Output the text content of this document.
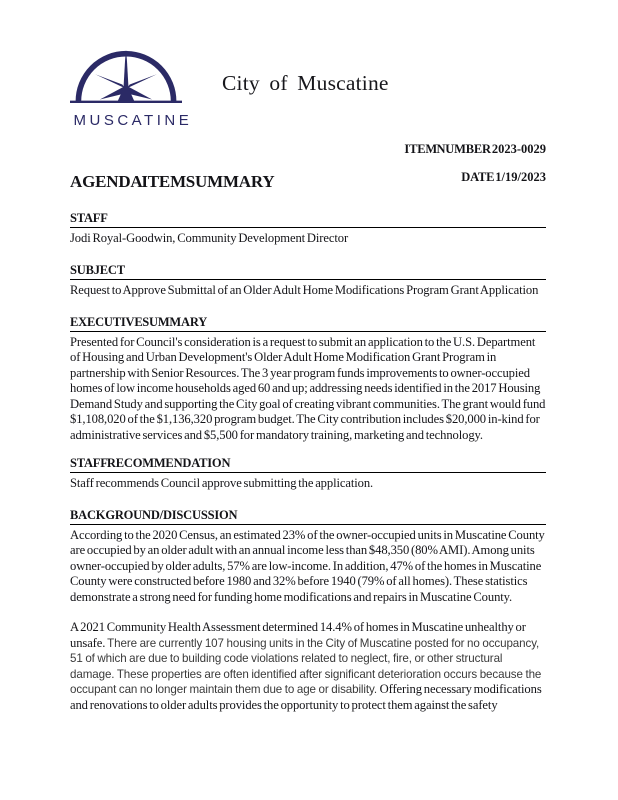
MUSCATINE
City of Muscatine
ITEM NUMBER2023-0029
AGENDA ITEM SUMMARY	DATE1/19/2023
STAFF
Jodi Royal-Goodwin, Community Development Director
SUBJECT
Request to Approve Submittal of an Older Adult Home Modifications Program Grant Application
EXECUTIVE SUMMARY
Presented for Council's consideration is a request to submit an application to the U.S. Department of Housing and Urban Development's Older Adult Home Modification Grant Program in partnership with Senior Resources. The 3 year program funds improvements to owner-occupied homes of low income households aged 60 and up; addressing needs identified in the 2017 Housing Demand Study and supporting the City goal of creating vibrant communities. The grant would fund $1,108,020 of the $1,136,320 program budget. The City contribution includes $20,000 in-kind for administrative services and $5,500 for mandatory training, marketing and technology.
STAFF RECOMMENDATION
Staff recommends Council approve submitting the application.
BACKGROUND/DISCUSSION
According to the 2020 Census, an estimated 23% of the owner-occupied units in Muscatine County are occupied by an older adult with an annual income less than $48,350 (80% AMI). Among units owner-occupied by older adults, 57% are low-income. In addition, 47% of the homes in Muscatine County were constructed before 1980 and 32% before 1940 (79% of all homes). These statistics demonstrate a strong need for funding home modifications and repairs in Muscatine County.
A 2021 Community Health Assessment determined 14.4% of homes in Muscatine unhealthy or unsafe. There are currently 107 housing units in the City of Muscatine posted for no occupancy, 51 of which are due to building code violations related to neglect, fire, or other structural damage. These properties are often identified after significant deterioration occurs because the occupant can no longer maintain them due to age or disability. Offering necessary modifications and renovations to older adults provides the opportunity to protect them against the safety
